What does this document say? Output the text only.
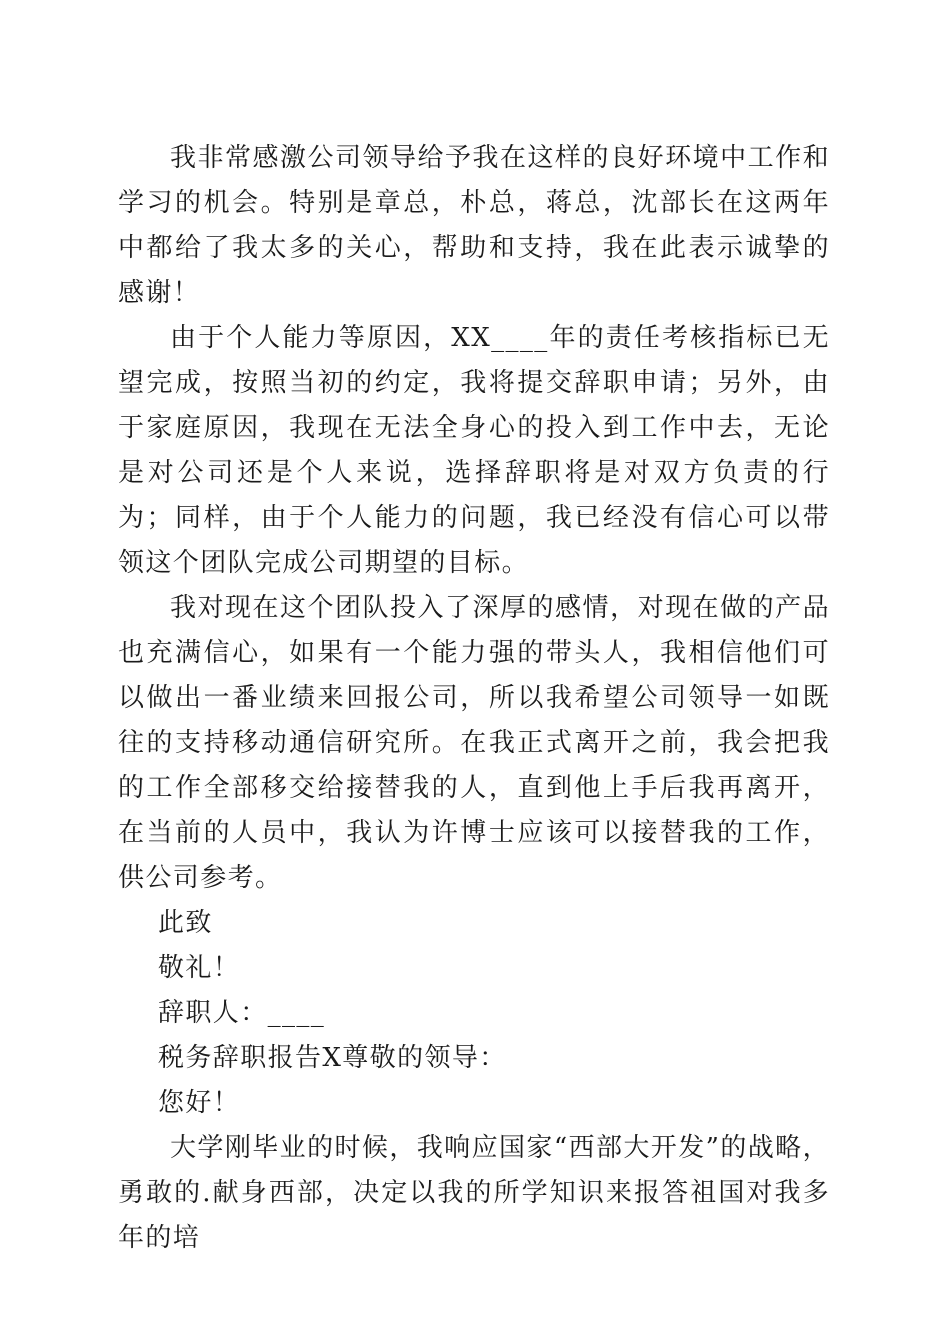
我非常感激公司领导给予我在这样的良好环境中工作和学习的机会。特别是章总，朴总，蒋总，沈部长在这两年中都给了我太多的关心，帮助和支持，我在此表示诚挚的感谢！

由于个人能力等原因，XX____年的责任考核指标已无望完成，按照当初的约定，我将提交辞职申请；另外，由于家庭原因，我现在无法全身心的投入到工作中去，无论是对公司还是个人来说，选择辞职将是对双方负责的行为；同样，由于个人能力的问题，我已经没有信心可以带领这个团队完成公司期望的目标。

我对现在这个团队投入了深厚的感情，对现在做的产品也充满信心，如果有一个能力强的带头人，我相信他们可以做出一番业绩来回报公司，所以我希望公司领导一如既往的支持移动通信研究所。在我正式离开之前，我会把我的工作全部移交给接替我的人，直到他上手后我再离开，在当前的人员中，我认为许博士应该可以接替我的工作，供公司参考。

此致

敬礼！

辞职人：____

税务辞职报告X尊敬的领导：

您好！

大学刚毕业的时候，我响应国家“西部大开发”的战略，勇敢的.献身西部，决定以我的所学知识来报答祖国对我多年的培
